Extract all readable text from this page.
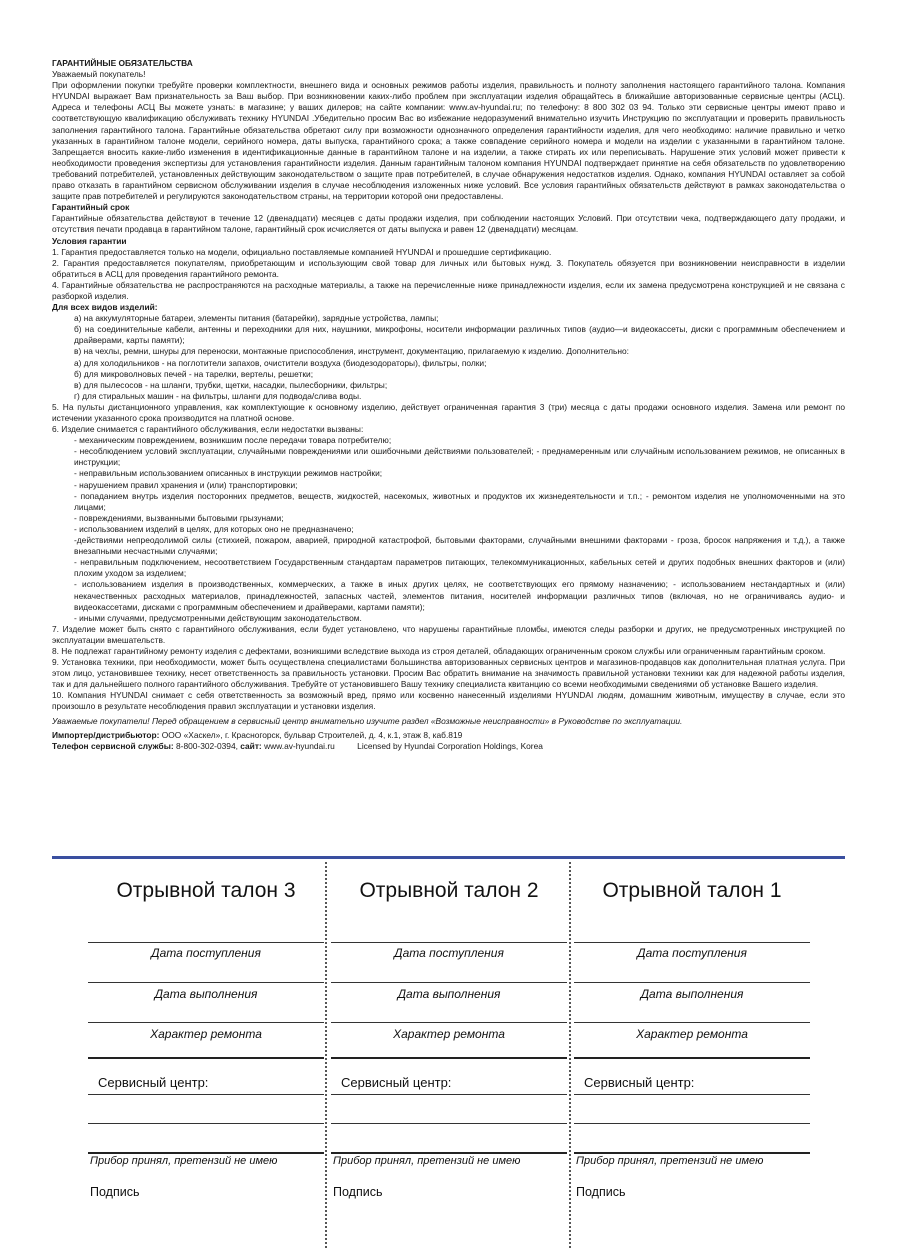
ГАРАНТИЙНЫЕ ОБЯЗАТЕЛЬСТВА

Уважаемый покупатель!

При оформлении покупки требуйте проверки комплектности, внешнего вида и основных режимов работы изделия, правильность и полноту заполнения настоящего гарантийного талона. Компания HYUNDAI выражает Вам признательность за Ваш выбор. При возникновении каких-либо проблем при эксплуатации изделия обращайтесь в ближайшие авторизованные сервисные центры (АСЦ). Адреса и телефоны АСЦ Вы можете узнать: в магазине; у ваших дилеров; на сайте компании: www.av-hyundai.ru; по телефону: 8 800 302 03 94. Только эти сервисные центры имеют право и соответствующую квалификацию обслуживать технику HYUNDAI .Убедительно просим Вас во избежание недоразумений внимательно изучить Инструкцию по эксплуатации и проверить правильность заполнения гарантийного талона. Гарантийные обязательства обретают силу при возможности однозначного определения гарантийности изделия, для чего необходимо: наличие правильно и четко указанных в гарантийном талоне модели, серийного номера, даты выпуска, гарантийного срока; а также совпадение серийного номера и модели на изделии с указанными в гарантийном талоне. Запрещается вносить какие-либо изменения в идентификационные данные в гарантийном талоне и на изделии, а также стирать их или переписывать. Нарушение этих условий может привести к необходимости проведения экспертизы для установления гарантийности изделия. Данным гарантийным талоном компания HYUNDAI подтверждает принятие на себя обязательств по удовлетворению требований потребителей, установленных действующим законодательством о защите прав потребителей, в случае обнаружения недостатков изделия. Однако, компания HYUNDAI оставляет за собой право отказать в гарантийном сервисном обслуживании изделия в случае несоблюдения изложенных ниже условий. Все условия гарантийных обязательств действуют в рамках законодательства о защите прав потребителей и регулируются законодательством страны, на территории которой они предоставлены.

Гарантийный срок

Гарантийные обязательства действуют в течение 12 (двенадцати) месяцев с даты продажи изделия, при соблюдении настоящих Условий. При отсутствии чека, подтверждающего дату продажи, и отсутствия печати продавца в гарантийном талоне, гарантийный срок исчисляется от даты выпуска и равен 12 (двенадцати) месяцам.

Условия гарантии

1. Гарантия предоставляется только на модели, официально поставляемые компанией HYUNDAI и прошедшие сертификацию.

2. Гарантия предоставляется покупателям, приобретающим и использующим свой товар для личных или бытовых нужд. 3. Покупатель обязуется при возникновении неисправности в изделии обратиться в АСЦ для проведения гарантийного ремонта.

4. Гарантийные обязательства не распространяются на расходные материалы, а также на перечисленные ниже принадлежности изделия, если их замена предусмотрена конструкцией и не связана с разборкой изделия.

Для всех видов изделий:

а) на аккумуляторные батареи, элементы питания (батарейки), зарядные устройства, лампы;

б) на соединительные кабели, антенны и переходники для них, наушники, микрофоны, носители информации различных типов (аудио—и видеокассеты, диски с программным обеспечением и драйверами, карты памяти);

в) на чехлы, ремни, шнуры для переноски, монтажные приспособления, инструмент, документацию, прилагаемую к изделию. Дополнительно:

а) для холодильников - на поглотители запахов, очистители воздуха (биодезодораторы), фильтры, полки;

б) для микроволновых печей - на тарелки, вертелы, решетки;

в) для пылесосов - на шланги, трубки, щетки, насадки, пылесборники, фильтры;

г) для стиральных машин - на фильтры, шланги для подвода/слива воды.

5. На пульты дистанционного управления, как комплектующие к основному изделию, действует ограниченная гарантия 3 (три) месяца с даты продажи основного изделия. Замена или ремонт по истечении указанного срока производится на платной основе.

6. Изделие снимается с гарантийного обслуживания, если недостатки вызваны:

- механическим повреждением, возникшим после передачи товара потребителю;

- несоблюдением условий эксплуатации, случайными повреждениями или ошибочными действиями пользователей; - преднамеренным или случайным использованием режимов, не описанных в инструкции;

- неправильным использованием описанных в инструкции режимов настройки;

- нарушением правил хранения и (или) транспортировки;

- попаданием внутрь изделия посторонних предметов, веществ, жидкостей, насекомых, животных и продуктов их жизнедеятельности и т.п.; - ремонтом изделия не уполномоченными на это лицами;

- повреждениями, вызванными бытовыми грызунами;

- использованием изделий в целях, для которых оно не предназначено;

-действиями непреодолимой силы (стихией, пожаром, аварией, природной катастрофой, бытовыми факторами, случайными внешними факторами - гроза, бросок напряжения и т.д.), а также внезапными несчастными случаями;

- неправильным подключением, несоответствием Государственным стандартам параметров питающих, телекоммуникационных, кабельных сетей и других подобных внешних факторов и (или) плохим уходом за изделием;

- использованием изделия в производственных, коммерческих, а также в иных других целях, не соответствующих его прямому назначению; - использованием нестандартных и (или) некачественных расходных материалов, принадлежностей, запасных частей, элементов питания, носителей информации различных типов (включая, но не ограничиваясь аудио- и видеокассетами, дисками с программным обеспечением и драйверами, картами памяти);

- иными случаями, предусмотренными действующим законодательством.

7. Изделие может быть снято с гарантийного обслуживания, если будет установлено, что нарушены гарантийные пломбы, имеются следы разборки и других, не предусмотренных инструкцией по эксплуатации вмешательств.

8. Не подлежат гарантийному ремонту изделия с дефектами, возникшими вследствие выхода из строя деталей, обладающих ограниченным сроком службы или ограниченным гарантийным сроком.

9. Установка техники, при необходимости, может быть осуществлена специалистами большинства авторизованных сервисных центров и магазинов-продавцов как дополнительная платная услуга. При этом лицо, установившее технику, несет ответственность за правильность установки. Просим Вас обратить внимание на значимость правильной установки техники как для надежной работы изделия, так и для дальнейшего полного гарантийного обслуживания. Требуйте от установившего Вашу технику специалиста квитанцию со всеми необходимыми сведениями об установке Вашего изделия.

10. Компания HYUNDAI снимает с себя ответственность за возможный вред, прямо или косвенно нанесенный изделиями HYUNDAI людям, домашним животным, имуществу в случае, если это произошло в результате несоблюдения правил эксплуатации и установки изделия.

Уважаемые покупатели! Перед обращением в сервисный центр внимательно изучите раздел «Возможные неисправности» в Руководстве по эксплуатации.

Импортер/дистрибьютор: ООО «Хаскел», г. Красногорск, бульвар Строителей, д. 4, к.1, этаж 8, каб.819

Телефон сервисной службы: 8-800-302-0394, сайт: www.av-hyundai.ru	Licensed by Hyundai Corporation Holdings, Korea

Отрывной талон 3
Дата поступления
Дата выполнения
Характер ремонта
Сервисный центр:
Прибор принял, претензий не имею
Подпись
Отрывной талон 2
Дата поступления
Дата выполнения
Характер ремонта
Сервисный центр:
Прибор принял, претензий не имею
Подпись
Отрывной талон 1
Дата поступления
Дата выполнения
Характер ремонта
Сервисный центр:
Прибор принял, претензий не имею
Подпись
